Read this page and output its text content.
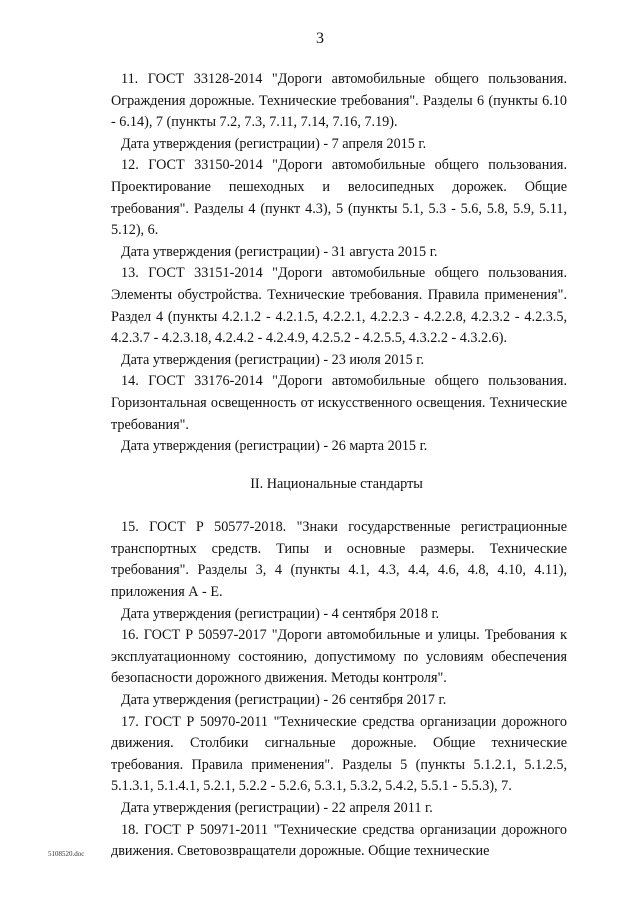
3
11. ГОСТ 33128-2014 "Дороги автомобильные общего пользования. Ограждения дорожные. Технические требования". Разделы 6 (пункты 6.10 - 6.14), 7 (пункты 7.2, 7.3, 7.11, 7.14, 7.16, 7.19).
Дата утверждения (регистрации) - 7 апреля 2015 г.
12. ГОСТ 33150-2014 "Дороги автомобильные общего пользования. Проектирование пешеходных и велосипедных дорожек. Общие требования". Разделы 4 (пункт 4.3), 5 (пункты 5.1, 5.3 - 5.6, 5.8, 5.9, 5.11, 5.12), 6.
Дата утверждения (регистрации) - 31 августа 2015 г.
13. ГОСТ 33151-2014 "Дороги автомобильные общего пользования. Элементы обустройства. Технические требования. Правила применения". Раздел 4 (пункты 4.2.1.2 - 4.2.1.5, 4.2.2.1, 4.2.2.3 - 4.2.2.8, 4.2.3.2 - 4.2.3.5, 4.2.3.7 - 4.2.3.18, 4.2.4.2 - 4.2.4.9, 4.2.5.2 - 4.2.5.5, 4.3.2.2 - 4.3.2.6).
Дата утверждения (регистрации) - 23 июля 2015 г.
14. ГОСТ 33176-2014 "Дороги автомобильные общего пользования. Горизонтальная освещенность от искусственного освещения. Технические требования".
Дата утверждения (регистрации) - 26 марта 2015 г.
II. Национальные стандарты
15. ГОСТ Р 50577-2018. "Знаки государственные регистрационные транспортных средств. Типы и основные размеры. Технические требования". Разделы 3, 4 (пункты 4.1, 4.3, 4.4, 4.6, 4.8, 4.10, 4.11), приложения А - Е.
Дата утверждения (регистрации) - 4 сентября 2018 г.
16. ГОСТ Р 50597-2017 "Дороги автомобильные и улицы. Требования к эксплуатационному состоянию, допустимому по условиям обеспечения безопасности дорожного движения. Методы контроля".
Дата утверждения (регистрации) - 26 сентября 2017 г.
17. ГОСТ Р 50970-2011 "Технические средства организации дорожного движения. Столбики сигнальные дорожные. Общие технические требования. Правила применения". Разделы 5 (пункты 5.1.2.1, 5.1.2.5, 5.1.3.1, 5.1.4.1, 5.2.1, 5.2.2 - 5.2.6, 5.3.1, 5.3.2, 5.4.2, 5.5.1 - 5.5.3), 7.
Дата утверждения (регистрации) - 22 апреля 2011 г.
18. ГОСТ Р 50971-2011 "Технические средства организации дорожного движения. Световозвращатели дорожные. Общие технические
5108520.doc
